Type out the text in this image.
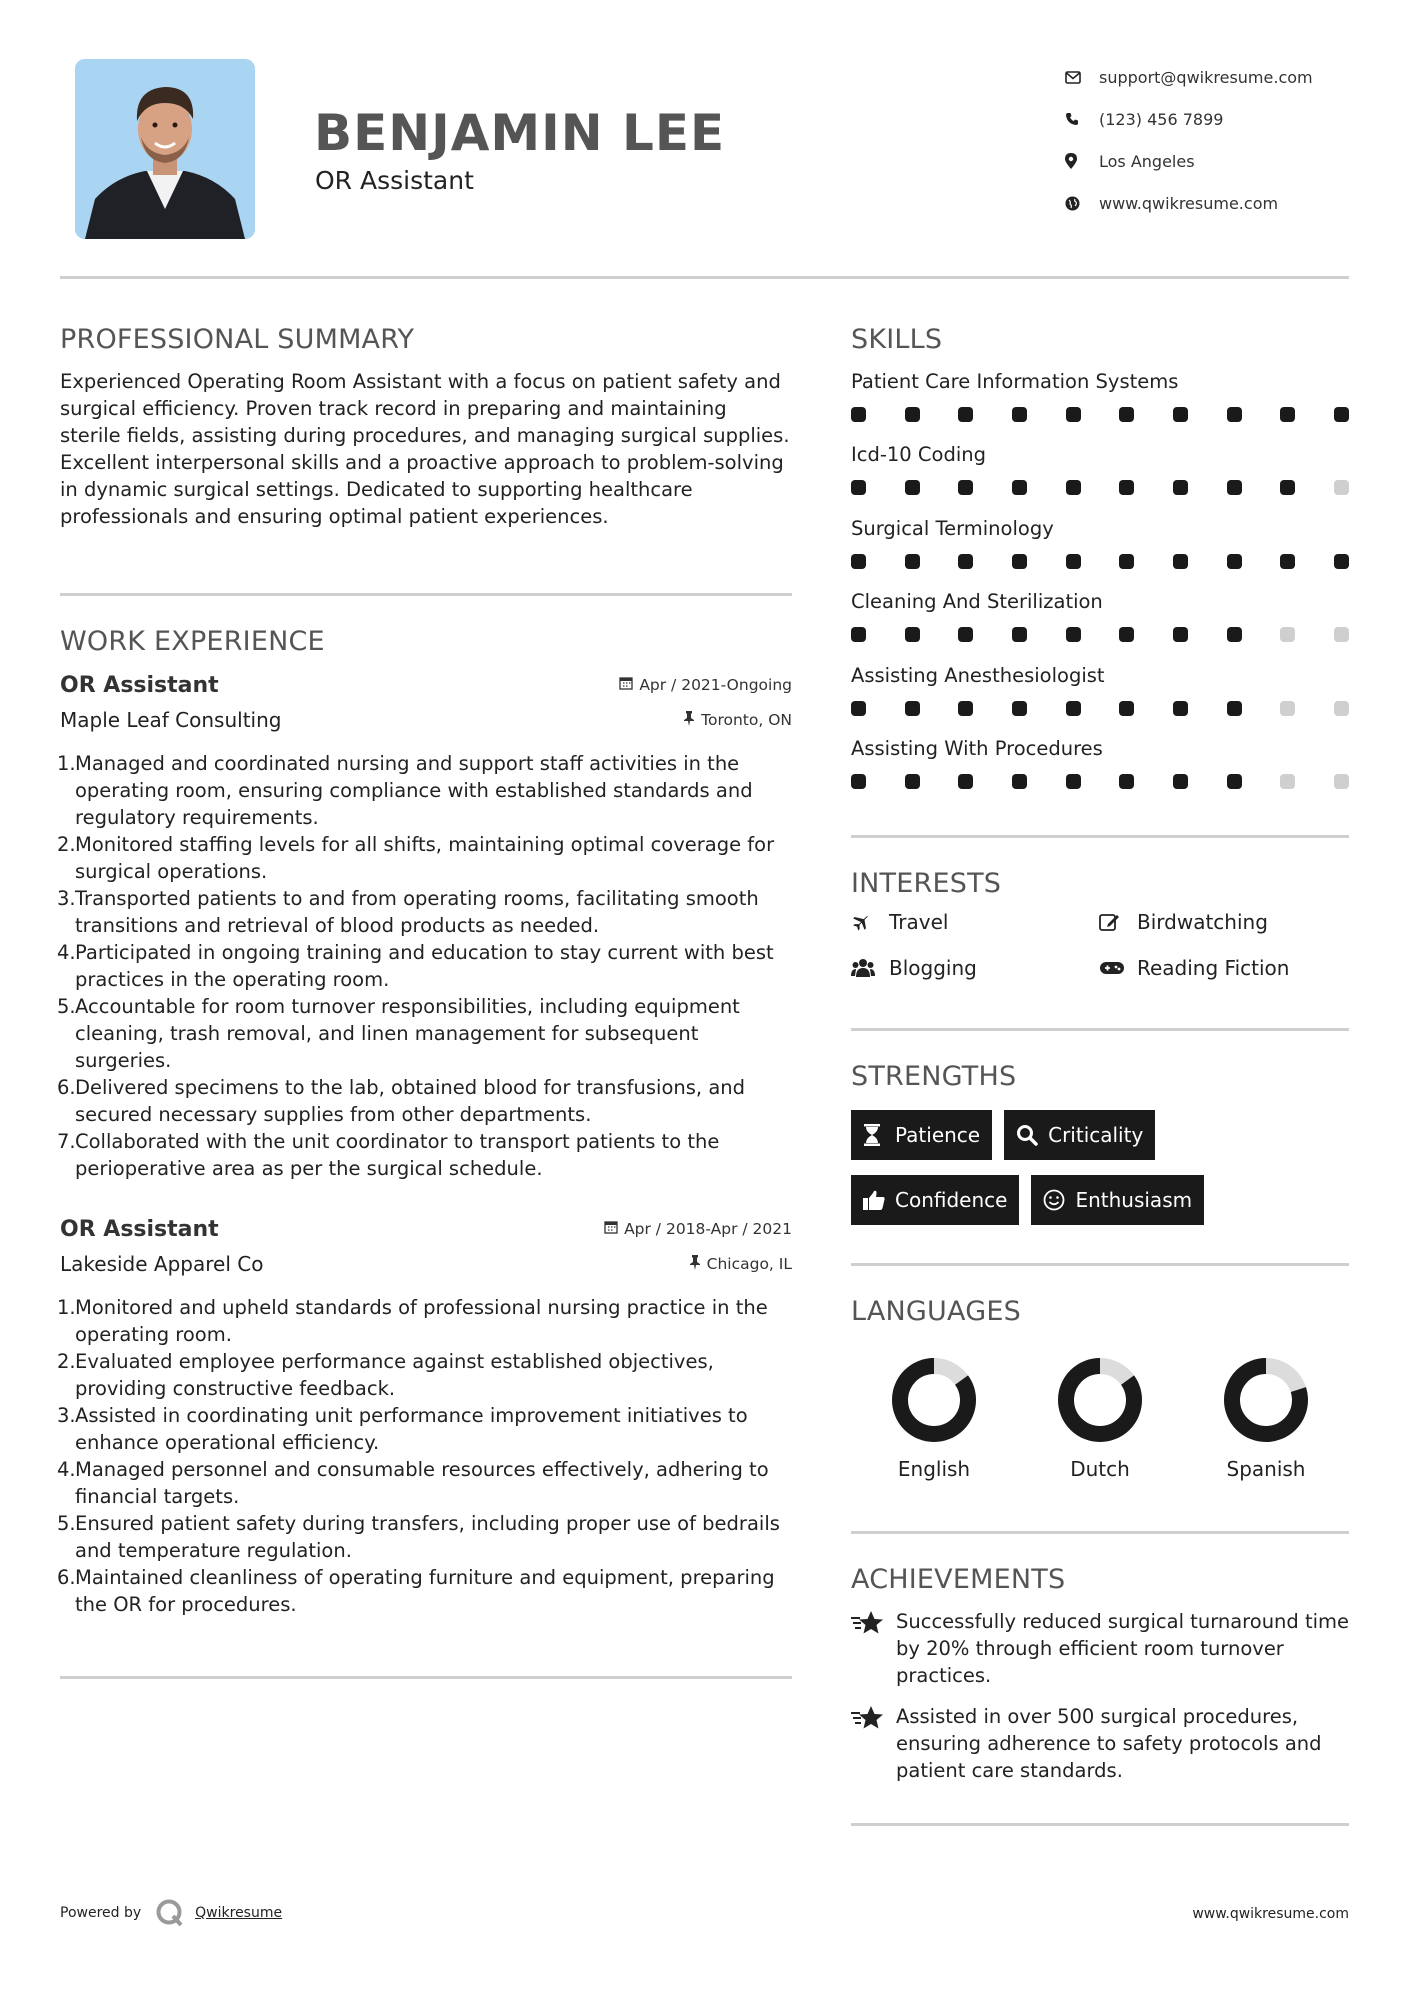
BENJAMIN LEE
OR Assistant
support@qwikresume.com
(123) 456 7899
Los Angeles
www.qwikresume.com
PROFESSIONAL SUMMARY
Experienced Operating Room Assistant with a focus on patient safety and surgical efficiency. Proven track record in preparing and maintaining sterile fields, assisting during procedures, and managing surgical supplies. Excellent interpersonal skills and a proactive approach to problem-solving in dynamic surgical settings. Dedicated to supporting healthcare professionals and ensuring optimal patient experiences.
WORK EXPERIENCE
OR Assistant	Apr / 2021-Ongoing
Maple Leaf Consulting	Toronto, ON
1. Managed and coordinated nursing and support staff activities in the operating room, ensuring compliance with established standards and regulatory requirements.
2. Monitored staffing levels for all shifts, maintaining optimal coverage for surgical operations.
3. Transported patients to and from operating rooms, facilitating smooth transitions and retrieval of blood products as needed.
4. Participated in ongoing training and education to stay current with best practices in the operating room.
5. Accountable for room turnover responsibilities, including equipment cleaning, trash removal, and linen management for subsequent surgeries.
6. Delivered specimens to the lab, obtained blood for transfusions, and secured necessary supplies from other departments.
7. Collaborated with the unit coordinator to transport patients to the perioperative area as per the surgical schedule.
OR Assistant	Apr / 2018-Apr / 2021
Lakeside Apparel Co	Chicago, IL
1. Monitored and upheld standards of professional nursing practice in the operating room.
2. Evaluated employee performance against established objectives, providing constructive feedback.
3. Assisted in coordinating unit performance improvement initiatives to enhance operational efficiency.
4. Managed personnel and consumable resources effectively, adhering to financial targets.
5. Ensured patient safety during transfers, including proper use of bedrails and temperature regulation.
6. Maintained cleanliness of operating furniture and equipment, preparing the OR for procedures.
SKILLS
Patient Care Information Systems
Icd-10 Coding
Surgical Terminology
Cleaning And Sterilization
Assisting Anesthesiologist
Assisting With Procedures
INTERESTS
Travel	Birdwatching
Blogging	Reading Fiction
STRENGTHS
Patience	Criticality
Confidence	Enthusiasm
LANGUAGES
English	Dutch	Spanish
ACHIEVEMENTS
Successfully reduced surgical turnaround time by 20% through efficient room turnover practices.
Assisted in over 500 surgical procedures, ensuring adherence to safety protocols and patient care standards.
Powered by	Qwikresume	www.qwikresume.com
